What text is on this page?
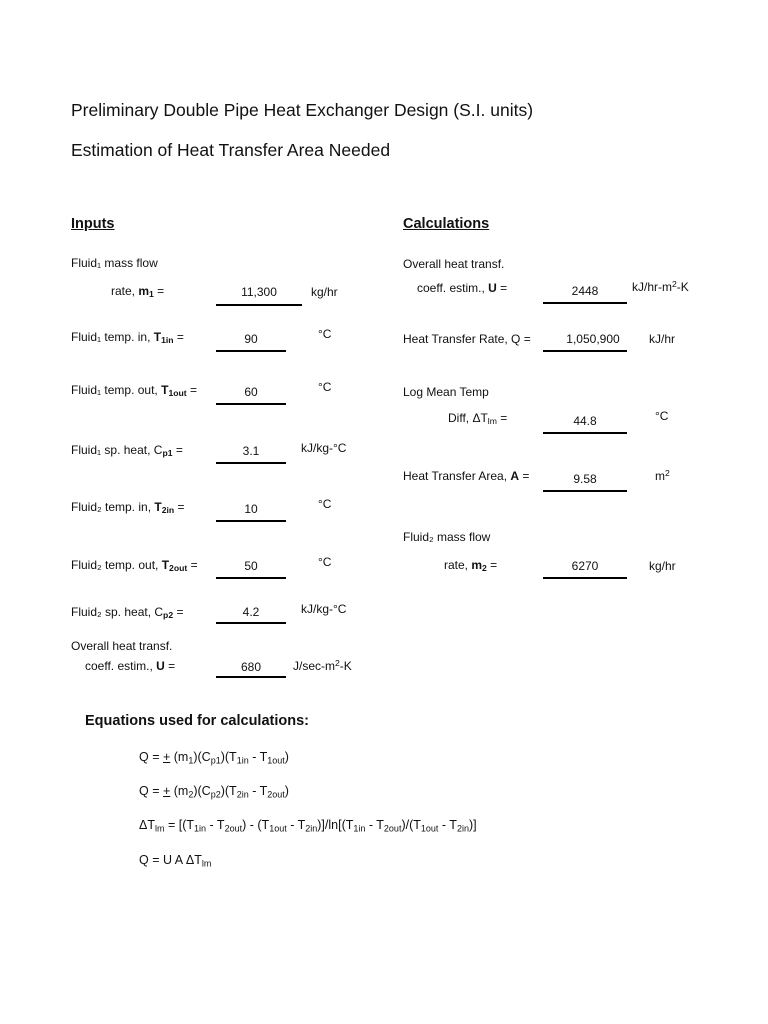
Preliminary Double Pipe Heat Exchanger Design (S.I. units)
Estimation of Heat Transfer Area Needed
Inputs	Calculations
Fluid₁ mass flow
rate, $m_1$ =	11,300	kg/hr
Fluid₁ temp. in, $T_{1in}$ =	90	°C
Fluid₁ temp. out, $T_{1out}$ =	60	°C
Fluid₁ sp. heat, $C_{p1}$ =	3.1	kJ/kg-°C
Fluid₂ temp. in, $T_{2in}$ =	10	°C
Fluid₂ temp. out, $T_{2out}$ =	50	°C
Fluid₂ sp. heat, $C_{p2}$ =	4.2	kJ/kg-°C
Overall heat transf.
coeff. estim., U =	680	$J/\sec-m^2-K$
Overall heat transf.
coeff. estim., U =	2448	$kJ/hr-m^2-K$
Heat Transfer Rate, Q =	1,050,900	kJ/hr
Log Mean Temp
Diff, $\Delta T_{lm}$ =	44.8	°C
Heat Transfer Area, A =	9.58	$m^2$
Fluid₂ mass flow
rate, $m_2$ =	6270	kg/hr
Equations used for calculations:
Q = + $(m_1)(C_{p1})(T_{1in} - T_{1out})$
Q = + $(m_2)(C_{p2})(T_{2in} - T_{2out})$
$\Delta T_{lm} = [(T_{1in} - T_{2out}) - (T_{1out} - T_{2in})]/\ln[(T_{1in} - T_{2out})/(T_{1out} - T_{2in})]$
Q = U A $\Delta T_{lm}$
